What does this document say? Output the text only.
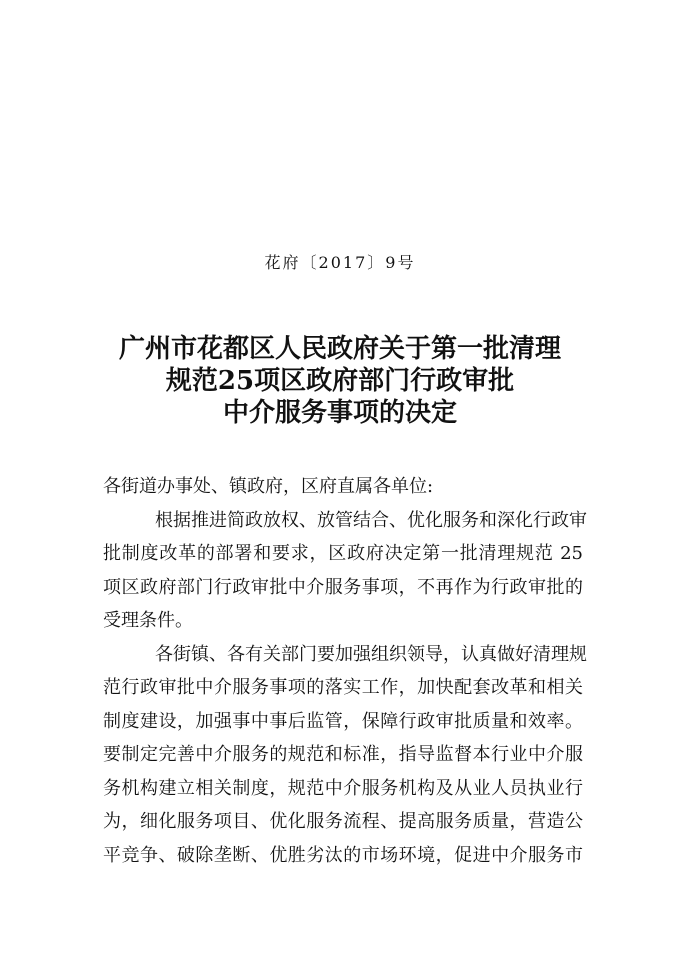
花府〔2017〕9号
广州市花都区人民政府关于第一批清理
规范25项区政府部门行政审批
中介服务事项的决定
各街道办事处、镇政府，区府直属各单位:
根据推进简政放权、放管结合、优化服务和深化行政审
批制度改革的部署和要求，区政府决定第一批清理规范 25
项区政府部门行政审批中介服务事项，不再作为行政审批的
受理条件。
各街镇、各有关部门要加强组织领导，认真做好清理规
范行政审批中介服务事项的落实工作，加快配套改革和相关
制度建设，加强事中事后监管，保障行政审批质量和效率。
要制定完善中介服务的规范和标准，指导监督本行业中介服
务机构建立相关制度，规范中介服务机构及从业人员执业行
为，细化服务项目、优化服务流程、提高服务质量，营造公
平竞争、破除垄断、优胜劣汰的市场环境，促进中介服务市
